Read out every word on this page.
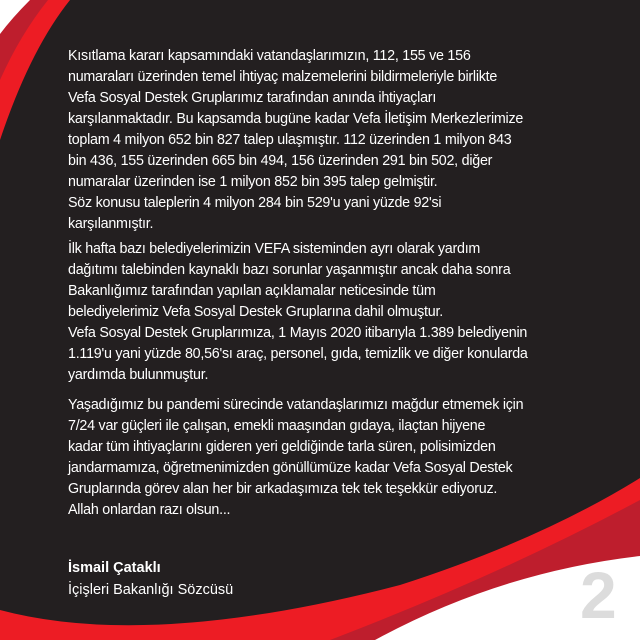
Kısıtlama kararı kapsamındaki vatandaşlarımızın, 112, 155 ve 156
numaraları üzerinden temel ihtiyaç malzemelerini bildirmeleriyle birlikte
Vefa Sosyal Destek Gruplarımız tarafından anında ihtiyaçları
karşılanmaktadır. Bu kapsamda bugüne kadar Vefa İletişim Merkezlerimize
toplam 4 milyon 652 bin 827 talep ulaşmıştır. 112 üzerinden 1 milyon 843
bin 436, 155 üzerinden 665 bin 494, 156 üzerinden 291 bin 502, diğer
numaralar üzerinden ise 1 milyon 852 bin 395 talep gelmiştir.
Söz konusu taleplerin 4 milyon 284 bin 529'u yani yüzde 92'si
karşılanmıştır.
İlk hafta bazı belediyelerimizin VEFA sisteminden ayrı olarak yardım
dağıtımı talebinden kaynaklı bazı sorunlar yaşanmıştır ancak daha sonra
Bakanlığımız tarafından yapılan açıklamalar neticesinde tüm
belediyelerimiz Vefa Sosyal Destek Gruplarına dahil olmuştur.
Vefa Sosyal Destek Gruplarımıza, 1 Mayıs 2020 itibarıyla 1.389 belediyenin
1.119'u yani yüzde 80,56'sı araç, personel, gıda, temizlik ve diğer konularda
yardımda bulunmuştur.
Yaşadığımız bu pandemi sürecinde vatandaşlarımızı mağdur etmemek için
7/24 var güçleri ile çalışan, emekli maaşından gıdaya, ilaçtan hijyene
kadar tüm ihtiyaçlarını gideren yeri geldiğinde tarla süren, polisimizden
jandarmamıza, öğretmenimizden gönüllümüze kadar Vefa Sosyal Destek
Gruplarında görev alan her bir arkadaşımıza tek tek teşekkür ediyoruz.
Allah onlardan razı olsun...
İsmail Çataklı
İçişleri Bakanlığı Sözcüsü	2
